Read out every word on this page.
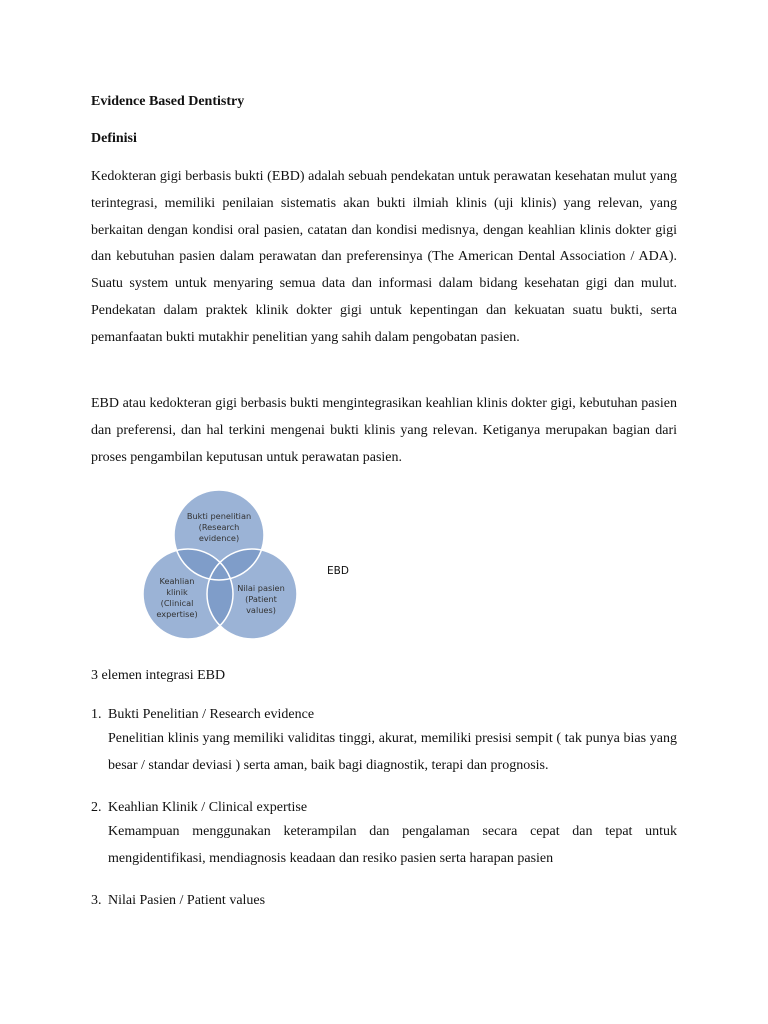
Evidence Based Dentistry
Definisi

Kedokteran gigi berbasis bukti (EBD) adalah sebuah pendekatan untuk perawatan kesehatan mulut yang terintegrasi, memiliki penilaian sistematis akan bukti ilmiah klinis (uji klinis) yang relevan, yang berkaitan dengan kondisi oral pasien, catatan dan kondisi medisnya, dengan keahlian klinis dokter gigi dan kebutuhan pasien dalam perawatan dan preferensinya (The American Dental Association / ADA). Suatu system untuk menyaring semua data dan informasi dalam bidang kesehatan gigi dan mulut. Pendekatan dalam praktek klinik dokter gigi untuk kepentingan dan kekuatan suatu bukti, serta pemanfaatan bukti mutakhir penelitian yang sahih dalam pengobatan pasien.

EBD atau kedokteran gigi berbasis bukti mengintegrasikan keahlian klinis dokter gigi, kebutuhan pasien dan preferensi, dan hal terkini mengenai bukti klinis yang relevan. Ketiganya merupakan bagian dari proses pengambilan keputusan untuk perawatan pasien.

Bukti penelitian
(Research
evidence)
Keahlian
klinik
(Clinical
expertise)
Nilai pasien
(Patient
values)
EBD
3 elemen integrasi EBD
1. Bukti Penelitian / Research evidence

Penelitian klinis yang memiliki validitas tinggi, akurat, memiliki presisi sempit ( tak punya bias yang besar / standar deviasi ) serta aman, baik bagi diagnostik, terapi dan prognosis.

2. Keahlian Klinik / Clinical expertise

Kemampuan menggunakan keterampilan dan pengalaman secara cepat dan tepat untuk mengidentifikasi, mendiagnosis keadaan dan resiko pasien serta harapan pasien

3. Nilai Pasien / Patient values
